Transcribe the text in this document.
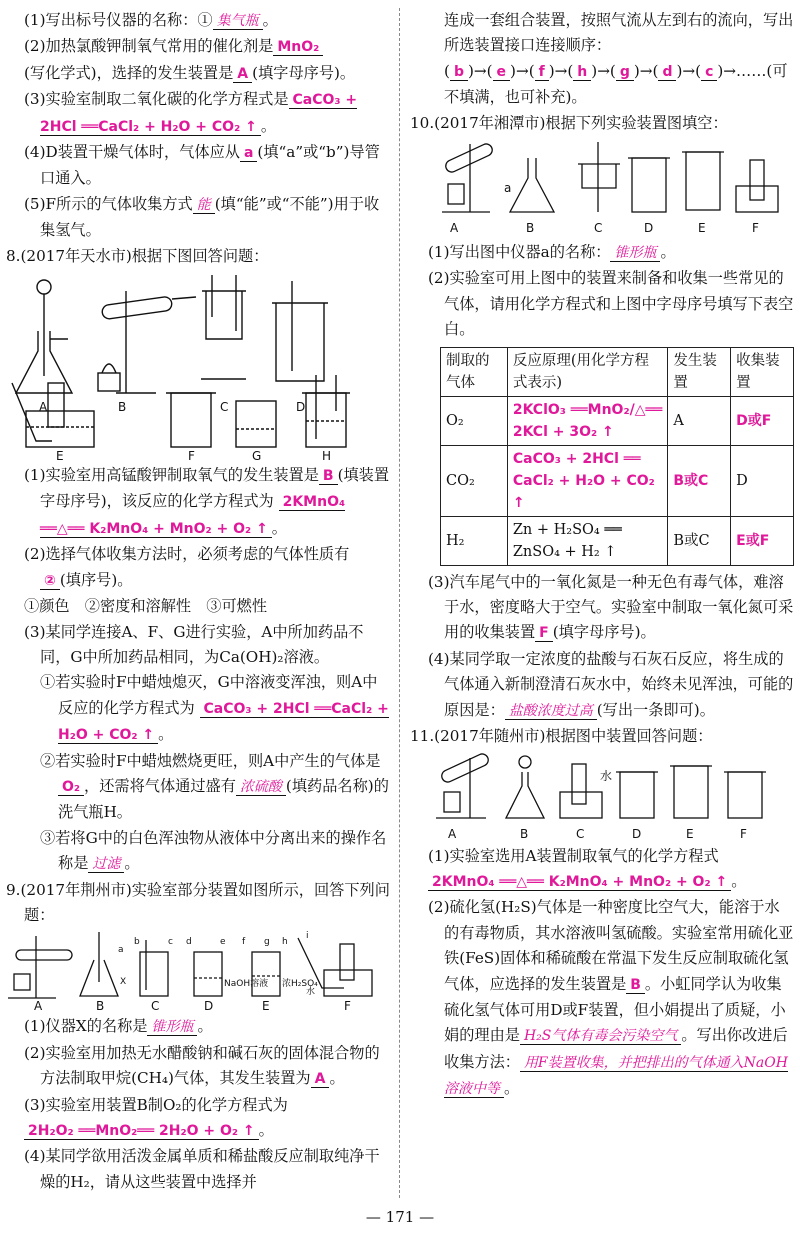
(1)写出标号仪器的名称：① 集气瓶 。

(2)加热氯酸钾制氧气常用的催化剂是 MnO₂

(写化学式)，选择的发生装置是 A (填字母序号)。

(3)实验室制取二氧化碳的化学方程式是 CaCO₃ + 2HCl ══CaCl₂ + H₂O + CO₂ ↑ 。

(4)D装置干燥气体时，气体应从 a (填“a”或“b”)导管口通入。

(5)F所示的气体收集方式 能 (填“能”或“不能”)用于收集氢气。

8.(2017年天水市)根据下图回答问题：

A	B	C	D
E	F	G	H

(1)实验室用高锰酸钾制取氧气的发生装置是 B (填装置字母序号)，该反应的化学方程式为 2KMnO₄ ══△══ K₂MnO₄ + MnO₂ + O₂ ↑ 。

(2)选择气体收集方法时，必须考虑的气体性质有② (填序号)。

①颜色　②密度和溶解性　③可燃性

(3)某同学连接A、F、G进行实验，A中所加药品不同，G中所加药品相同，为Ca(OH)₂溶液。

①若实验时F中蜡烛熄灭，G中溶液变浑浊，则A中反应的化学方程式为 CaCO₃ + 2HCl ══CaCl₂ + H₂O + CO₂ ↑ 。

②若实验时F中蜡烛燃烧更旺，则A中产生的气体是O₂ ，还需将气体通过盛有 浓硫酸 (填药品名称)的洗气瓶H。

③若将G中的白色浑浊物从液体中分离出来的操作名称是 过滤 。

9.(2017年荆州市)实验室部分装置如图所示，回答下列问题：

X
a
b	c d	e f g h
i
NaOH溶液 浓H₂SO₄
水
A	B	C	D	E	F

(1)仪器X的名称是 锥形瓶 。

(2)实验室用加热无水醋酸钠和碱石灰的固体混合物的方法制取甲烷(CH₄)气体，其发生装置为 A 。

(3)实验室用装置B制O₂的化学方程式为

2H₂O₂ ══MnO₂══ 2H₂O + O₂ ↑ 。

(4)某同学欲用活泼金属单质和稀盐酸反应制取纯净干燥的H₂，请从这些装置中选择并

连成一套组合装置，按照气流从左到右的流向，写出所选装置接口连接顺序：( b )→( e )→( f )→( h )→( g )→( d )→( c )→……(可不填满，也可补充)。

10.(2017年湘潭市)根据下列实验装置图填空：

a
A	B	C	D	E	F

(1)写出图中仪器a的名称： 锥形瓶 。

(2)实验室可用上图中的装置来制备和收集一些常见的气体，请用化学方程式和上图中字母序号填写下表空白。

制取的气体	反应原理(用化学方程式表示)	发生装置	收集装置
O₂	2KClO₃ ══MnO₂/△══ 2KCl + 3O₂ ↑	A	D或F
CO₂	CaCO₃ + 2HCl ══ CaCl₂ + H₂O + CO₂ ↑	B或C	D
H₂	Zn + H₂SO₄ ══ ZnSO₄ + H₂ ↑	B或C	E或F

(3)汽车尾气中的一氧化氮是一种无色有毒气体，难溶于水，密度略大于空气。实验室中制取一氧化氮可采用的收集装置 F (填字母序号)。

(4)某同学取一定浓度的盐酸与石灰石反应，将生成的气体通入新制澄清石灰水中，始终未见浑浊，可能的原因是： 盐酸浓度过高 (写出一条即可)。

11.(2017年随州市)根据图中装置回答问题：

水
A	B	C	D	E	F

(1)实验室选用A装置制取氧气的化学方程式

2KMnO₄ ══△══ K₂MnO₄ + MnO₂ + O₂ ↑ 。

(2)硫化氢(H₂S)气体是一种密度比空气大，能溶于水的有毒物质，其水溶液叫氢硫酸。实验室常用硫化亚铁(FeS)固体和稀硫酸在常温下发生反应制取硫化氢气体，应选择的发生装置是 B 。小虹同学认为收集硫化氢气体可用D或F装置，但小娟提出了质疑，小娟的理由是 H₂S气体有毒会污染空气 。写出你改进后收集方法： 用F装置收集，并把排出的气体通入NaOH溶液中等 。

— 171 —
